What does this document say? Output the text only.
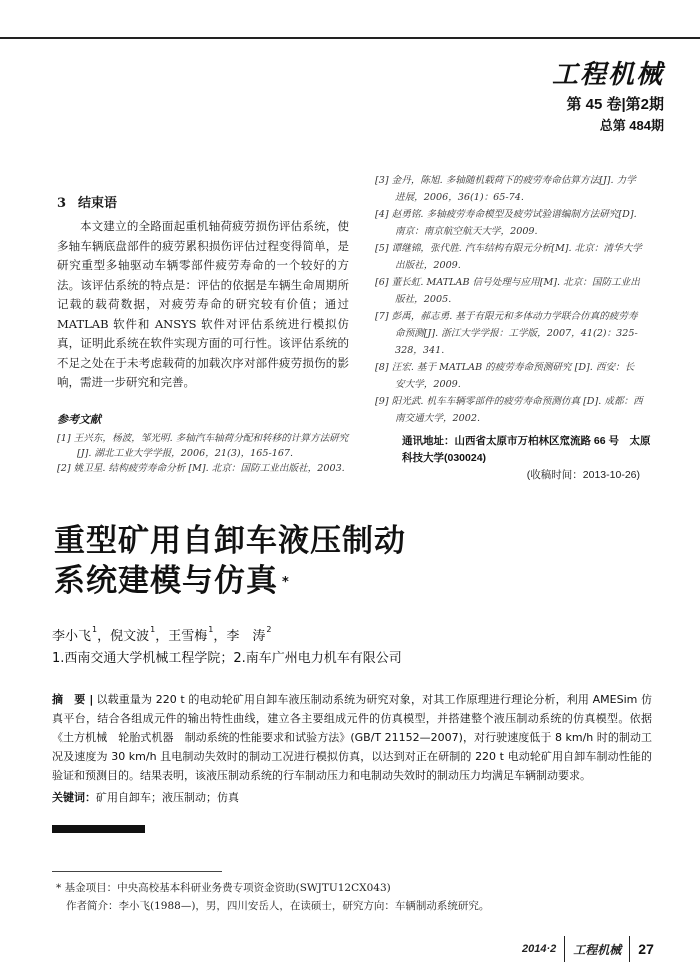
工程机械
第 45 卷|第2期
总第 484期
3 结束语

本文建立的全路面起重机轴荷疲劳损伤评估系统，使多轴车辆底盘部件的疲劳累积损伤评估过程变得简单，是研究重型多轴驱动车辆零部件疲劳寿命的一个较好的方法。该评估系统的特点是：评估的依据是车辆生命周期所记载的载荷数据，对疲劳寿命的研究较有价值；通过 MATLAB 软件和 ANSYS 软件对评估系统进行模拟仿真，证明此系统在软件实现方面的可行性。该评估系统的不足之处在于未考虑载荷的加载次序对部件疲劳损伤的影响，需进一步研究和完善。

参考文献

[1] 王兴东，杨波，邹光明. 多轴汽车轴荷分配和转移的计算方法研究[J]. 湖北工业大学学报，2006，21(3)，165-167.

[2] 姚卫星. 结构疲劳寿命分析 [M]. 北京：国防工业出版社，2003.

[3] 金丹，陈旭. 多轴随机载荷下的疲劳寿命估算方法[J]. 力学进展，2006，36(1)：65-74.

[4] 赵勇铭. 多轴疲劳寿命模型及疲劳试验谱编制方法研究[D]. 南京：南京航空航天大学，2009.

[5] 谭继锦，张代胜. 汽车结构有限元分析[M]. 北京：清华大学出版社，2009.

[6] 董长虹. MATLAB 信号处理与应用[M]. 北京：国防工业出版社，2005.

[7] 彭禹，郝志勇. 基于有限元和多体动力学联合仿真的疲劳寿命预测[J]. 浙江大学学报：工学版，2007，41(2)：325-328，341.

[8] 汪宏. 基于 MATLAB 的疲劳寿命预测研究 [D]. 西安：长安大学，2009.

[9] 阳光武. 机车车辆零部件的疲劳寿命预测仿真 [D]. 成都：西南交通大学，2002.

通讯地址：山西省太原市万柏林区窊流路 66 号　太原科技大学(030024)
(收稿时间：2013-10-26)
重型矿用自卸车液压制动
系统建模与仿真 *
李小飞$^1$，倪文波$^1$，王雪梅$^1$，李　涛$^2$
1.西南交通大学机械工程学院；2.南车广州电力机车有限公司

摘　要 | 以载重量为 220 t 的电动轮矿用自卸车液压制动系统为研究对象，对其工作原理进行理论分析，利用 AMESim 仿真平台，结合各组成元件的输出特性曲线，建立各主要组成元件的仿真模型，并搭建整个液压制动系统的仿真模型。依据《土方机械　轮胎式机器　制动系统的性能要求和试验方法》(GB/T 21152—2007)，对行驶速度低于 8 km/h 时的制动工况及速度为 30 km/h 且电制动失效时的制动工况进行模拟仿真，以达到对正在研制的 220 t 电动轮矿用自卸车制动性能的验证和预测目的。结果表明，该液压制动系统的行车制动压力和电制动失效时的制动压力均满足车辆制动要求。

关键词：矿用自卸车；液压制动；仿真
* 基金项目：中央高校基本科研业务费专项资金资助(SWJTU12CX043)
作者简介：李小飞(1988—)，男，四川安岳人，在读硕士，研究方向：车辆制动系统研究。
2014·2 工程机械 27
